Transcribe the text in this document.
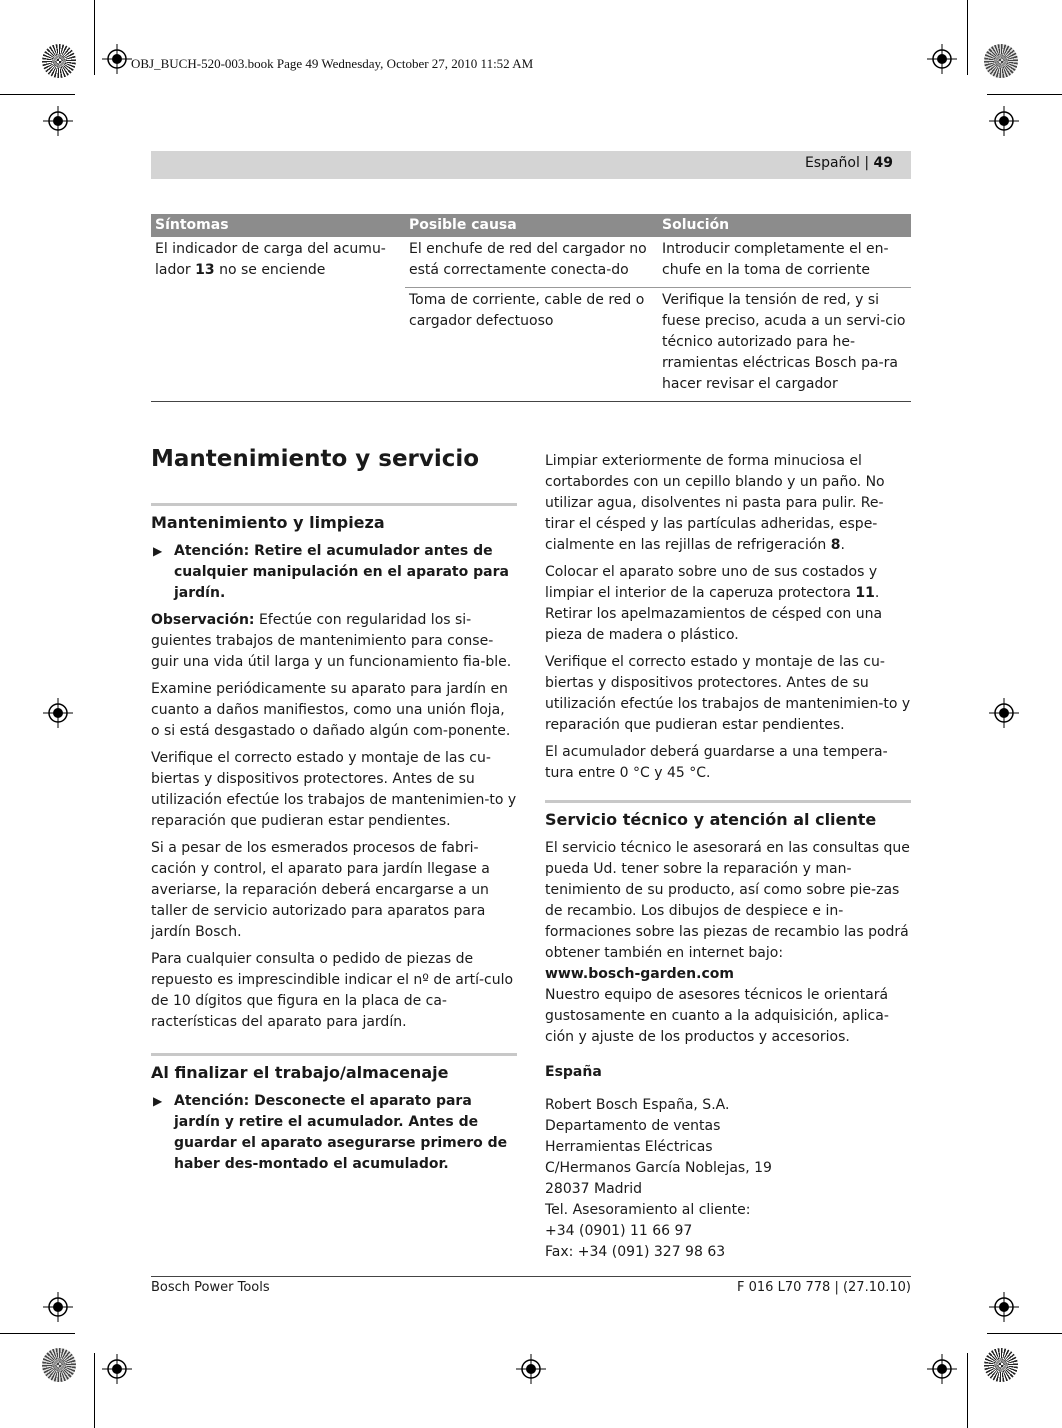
OBJ_BUCH-520-003.book Page 49 Wednesday, October 27, 2010 11:52 AM
Español | 49
Síntomas	Posible causa	Solución
El indicador de carga del acumu-lador 13 no se enciende	El enchufe de red del cargador no está correctamente conecta-do	Introducir completamente el en-chufe en la toma de corriente
	Toma de corriente, cable de red o cargador defectuoso	Verifique la tensión de red, y si fuese preciso, acuda a un servi-cio técnico autorizado para he-rramientas eléctricas Bosch pa-ra hacer revisar el cargador
Mantenimiento y servicio
Mantenimiento y limpieza
▶ Atención: Retire el acumulador antes de cualquier manipulación en el aparato para jardín.

Observación: Efectúe con regularidad los si-guientes trabajos de mantenimiento para conse-guir una vida útil larga y un funcionamiento fia-ble.

Examine periódicamente su aparato para jardín en cuanto a daños manifiestos, como una unión floja, o si está desgastado o dañado algún com-ponente.

Verifique el correcto estado y montaje de las cu-biertas y dispositivos protectores. Antes de su utilización efectúe los trabajos de mantenimien-to y reparación que pudieran estar pendientes.

Si a pesar de los esmerados procesos de fabri-cación y control, el aparato para jardín llegase a averiarse, la reparación deberá encargarse a un taller de servicio autorizado para aparatos para jardín Bosch.

Para cualquier consulta o pedido de piezas de repuesto es imprescindible indicar el nº de artí-culo de 10 dígitos que figura en la placa de ca-racterísticas del aparato para jardín.

Al finalizar el trabajo/almacenaje
▶ Atención: Desconecte el aparato para jardín y retire el acumulador. Antes de guardar el aparato asegurarse primero de haber des-montado el acumulador.

Limpiar exteriormente de forma minuciosa el cortabordes con un cepillo blando y un paño. No utilizar agua, disolventes ni pasta para pulir. Re-tirar el césped y las partículas adheridas, espe-cialmente en las rejillas de refrigeración 8.

Colocar el aparato sobre uno de sus costados y limpiar el interior de la caperuza protectora 11. Retirar los apelmazamientos de césped con una pieza de madera o plástico.

Verifique el correcto estado y montaje de las cu-biertas y dispositivos protectores. Antes de su utilización efectúe los trabajos de mantenimien-to y reparación que pudieran estar pendientes.

El acumulador deberá guardarse a una tempera-tura entre 0 °C y 45 °C.

Servicio técnico y atención al cliente

El servicio técnico le asesorará en las consultas que pueda Ud. tener sobre la reparación y man-tenimiento de su producto, así como sobre pie-zas de recambio. Los dibujos de despiece e in-formaciones sobre las piezas de recambio las podrá obtener también en internet bajo:

www.bosch-garden.com

Nuestro equipo de asesores técnicos le orientará gustosamente en cuanto a la adquisición, aplica-ción y ajuste de los productos y accesorios.

España
Robert Bosch España, S.A.
Departamento de ventas
Herramientas Eléctricas
C/Hermanos García Noblejas, 19
28037 Madrid
Tel. Asesoramiento al cliente:
+34 (0901) 11 66 97
Fax: +34 (091) 327 98 63
Bosch Power Tools	F 016 L70 778 | (27.10.10)
